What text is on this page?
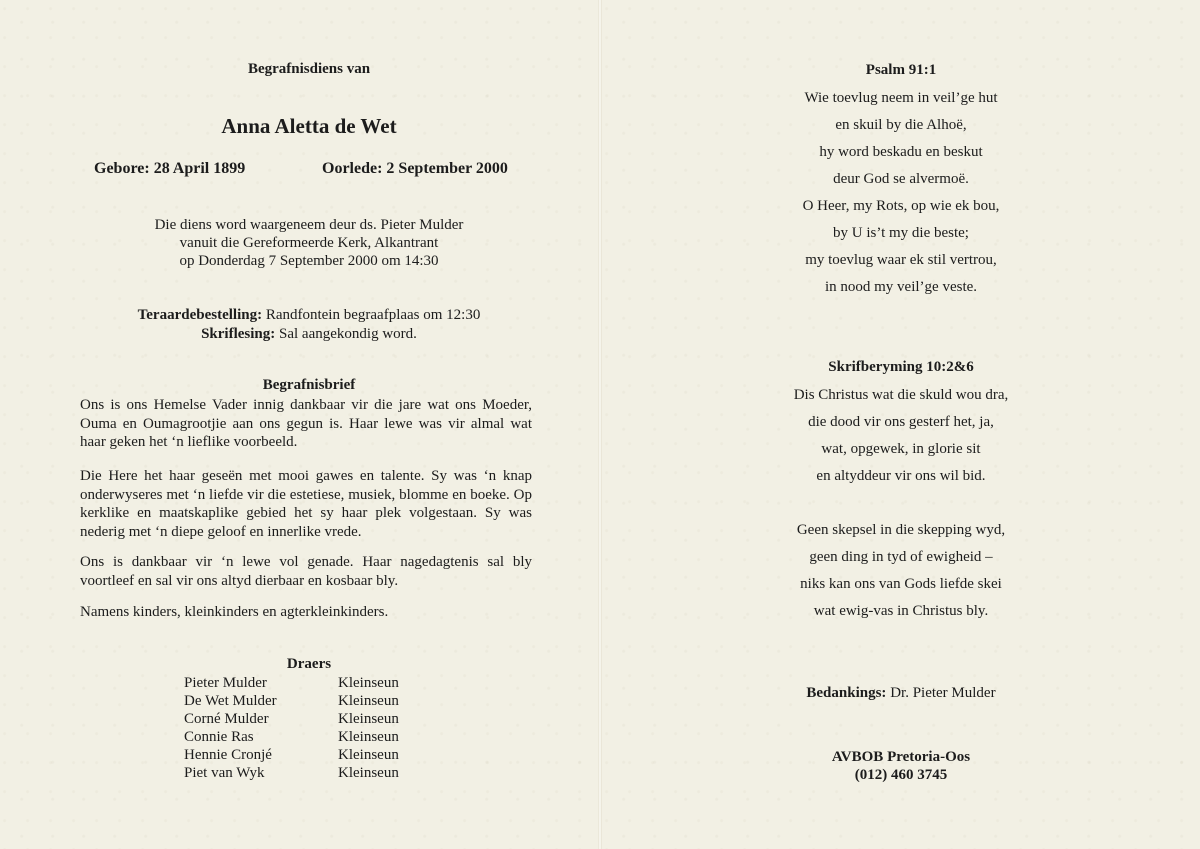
Begrafnisdiens van
Anna Aletta de Wet
Gebore: 28 April 1899	Oorlede: 2 September 2000
Die diens word waargeneem deur ds. Pieter Mulder
vanuit die Gereformeerde Kerk, Alkantrant
op Donderdag 7 September 2000 om 14:30
Teraardebestelling: Randfontein begraafplaas om 12:30
Skriflesing: Sal aangekondig word.
Begrafnisbrief
Ons is ons Hemelse Vader innig dankbaar vir die jare wat ons Moeder, Ouma en Oumagrootjie aan ons gegun is. Haar lewe was vir almal wat haar geken het ‘n lieflike voorbeeld.
Die Here het haar geseën met mooi gawes en talente. Sy was ‘n knap onderwyseres met ‘n liefde vir die estetiese, musiek, blomme en boeke. Op kerklike en maatskaplike gebied het sy haar plek volgestaan. Sy was nederig met ‘n diepe geloof en innerlike vrede.
Ons is dankbaar vir ‘n lewe vol genade. Haar nagedagtenis sal bly voortleef en sal vir ons altyd dierbaar en kosbaar bly.
Namens kinders, kleinkinders en agterkleinkinders.
Draers
Pieter Mulder	Kleinseun
De Wet Mulder	Kleinseun
Corné Mulder	Kleinseun
Connie Ras	Kleinseun
Hennie Cronjé	Kleinseun
Piet van Wyk	Kleinseun
Psalm 91:1
Wie toevlug neem in veil’ge hut
en skuil by die Alhoë,
hy word beskadu en beskut
deur God se alvermoë.
O Heer, my Rots, op wie ek bou,
by U is’t my die beste;
my toevlug waar ek stil vertrou,
in nood my veil’ge veste.
Skrifberyming 10:2&6
Dis Christus wat die skuld wou dra,
die dood vir ons gesterf het, ja,
wat, opgewek, in glorie sit
en altyddeur vir ons wil bid.
Geen skepsel in die skepping wyd,
geen ding in tyd of ewigheid –
niks kan ons van Gods liefde skei
wat ewig-vas in Christus bly.
Bedankings: Dr. Pieter Mulder
AVBOB Pretoria-Oos
(012) 460 3745
